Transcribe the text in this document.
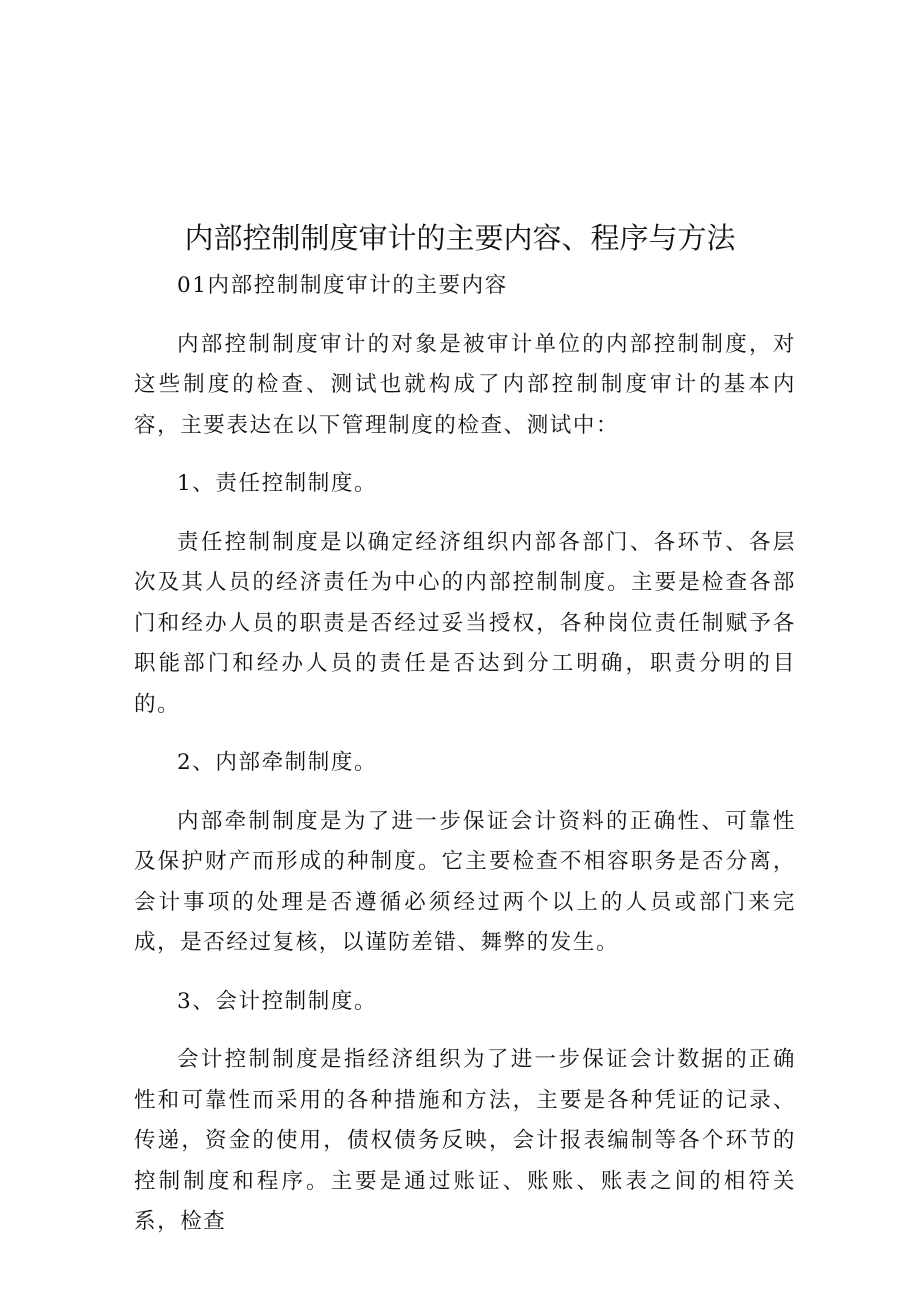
内部控制制度审计的主要内容、程序与方法

01内部控制制度审计的主要内容

内部控制制度审计的对象是被审计单位的内部控制制度，对这些制度的检查、测试也就构成了内部控制制度审计的基本内容，主要表达在以下管理制度的检查、测试中：

1、责任控制制度。

责任控制制度是以确定经济组织内部各部门、各环节、各层次及其人员的经济责任为中心的内部控制制度。主要是检查各部门和经办人员的职责是否经过妥当授权，各种岗位责任制赋予各职能部门和经办人员的责任是否达到分工明确，职责分明的目的。

2、内部牵制制度。

内部牵制制度是为了进一步保证会计资料的正确性、可靠性及保护财产而形成的种制度。它主要检查不相容职务是否分离，会计事项的处理是否遵循必须经过两个以上的人员或部门来完成，是否经过复核，以谨防差错、舞弊的发生。

3、会计控制制度。

会计控制制度是指经济组织为了进一步保证会计数据的正确性和可靠性而采用的各种措施和方法，主要是各种凭证的记录、传递，资金的使用，债权债务反映，会计报表编制等各个环节的控制制度和程序。主要是通过账证、账账、账表之间的相符关系，检查
